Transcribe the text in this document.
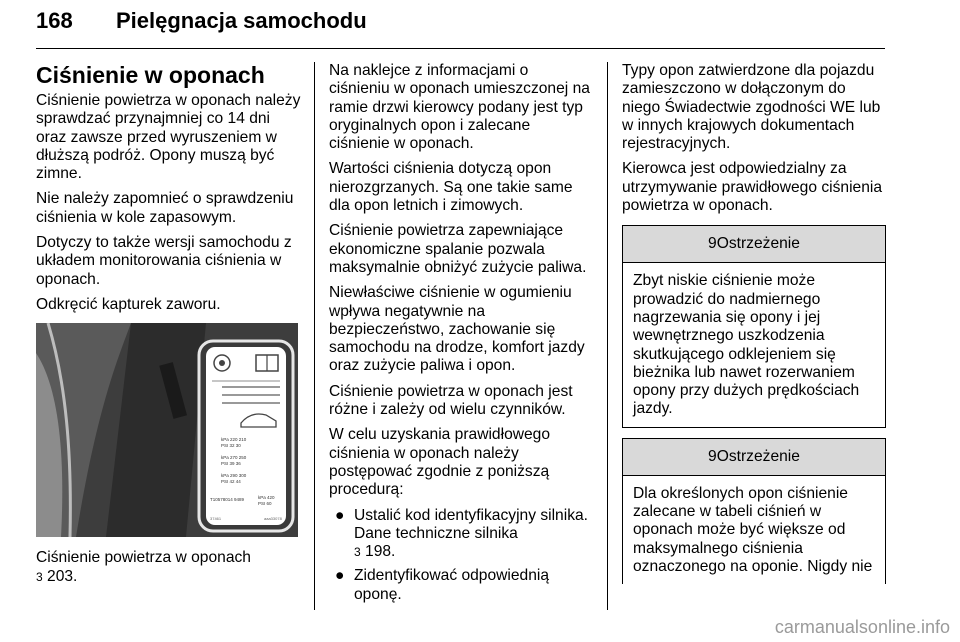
168 Pielęgnacja samochodu
Ciśnienie w oponach

Ciśnienie powietrza w oponach należy sprawdzać przynajmniej co 14 dni oraz zawsze przed wyruszeniem w dłuższą podróż. Opony muszą być zimne.

Nie należy zapomnieć o sprawdzeniu ciśnienia w kole zapasowym.

Dotyczy to także wersji samochodu z układem monitorowania ciśnienia w oponach.

Odkręcić kapturek zaworu.

kPa 220 210
PSI 32 30
kPa 270 250
PSI 39 36
kPa 290 300
PSI 42 44
kPa 420
PSI 60
T10578014 9489
37461	aaa33078
Ciśnienie powietrza w oponach
3 203.

Na naklejce z informacjami o ciśnieniu w oponach umieszczonej na ramie drzwi kierowcy podany jest typ oryginalnych opon i zalecane ciśnienie w oponach.

Wartości ciśnienia dotyczą opon nierozgrzanych. Są one takie same dla opon letnich i zimowych.

Ciśnienie powietrza zapewniające ekonomiczne spalanie pozwala maksymalnie obniżyć zużycie paliwa.

Niewłaściwe ciśnienie w ogumieniu wpływa negatywnie na bezpieczeństwo, zachowanie się samochodu na drodze, komfort jazdy oraz zużycie paliwa i opon.

Ciśnienie powietrza w oponach jest różne i zależy od wielu czynników.

W celu uzyskania prawidłowego ciśnienia w oponach należy postępować zgodnie z poniższą procedurą:

● Ustalić kod identyfikacyjny silnika. Dane techniczne silnika
3 198.
● Zidentyfikować odpowiednią oponę.

Typy opon zatwierdzone dla pojazdu zamieszczono w dołączonym do niego Świadectwie zgodności WE lub w innych krajowych dokumentach rejestracyjnych.

Kierowca jest odpowiedzialny za utrzymywanie prawidłowego ciśnienia powietrza w oponach.

9Ostrzeżenie
Zbyt niskie ciśnienie może prowadzić do nadmiernego nagrzewania się opony i jej wewnętrznego uszkodzenia skutkującego odklejeniem się bieżnika lub nawet rozerwaniem opony przy dużych prędkościach jazdy.
9Ostrzeżenie
Dla określonych opon ciśnienie zalecane w tabeli ciśnień w oponach może być większe od maksymalnego ciśnienia oznaczonego na oponie. Nigdy nie
carmanualsonline.info
